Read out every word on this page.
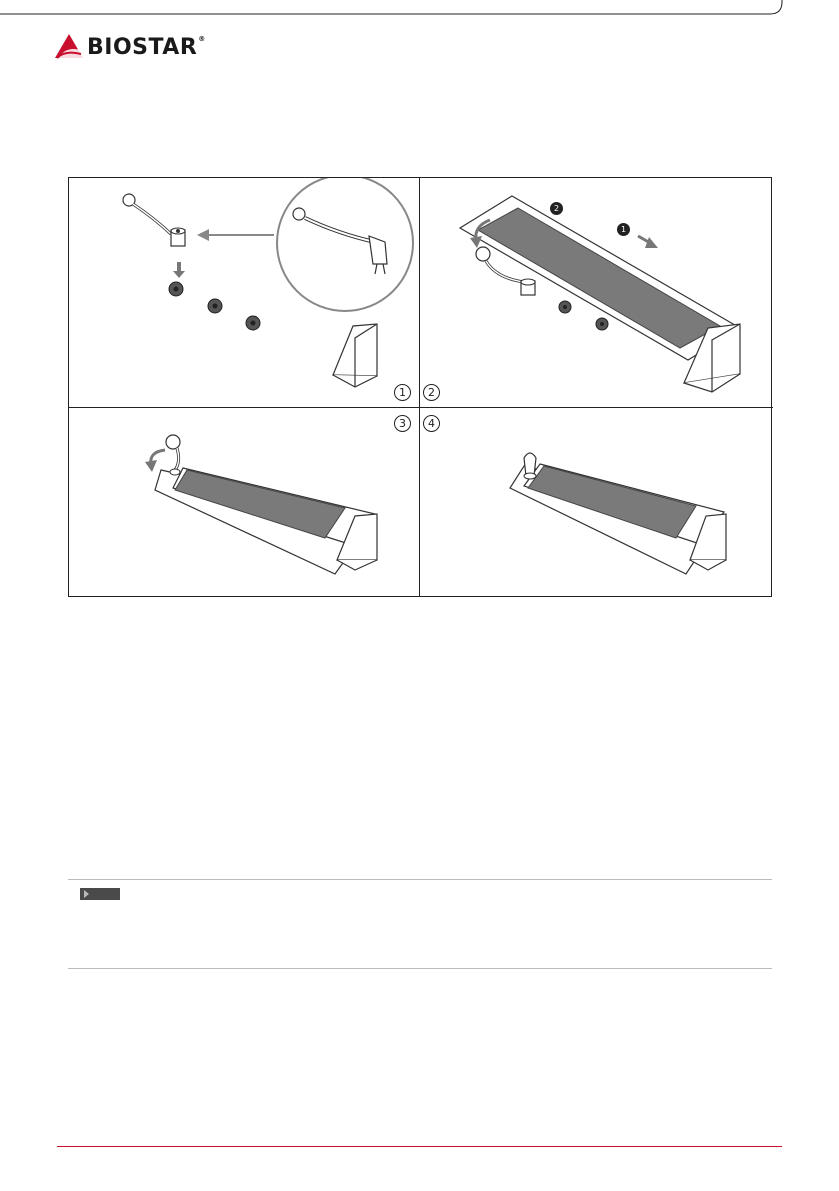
BIOSTAR®
1	2
1
2
3	4
